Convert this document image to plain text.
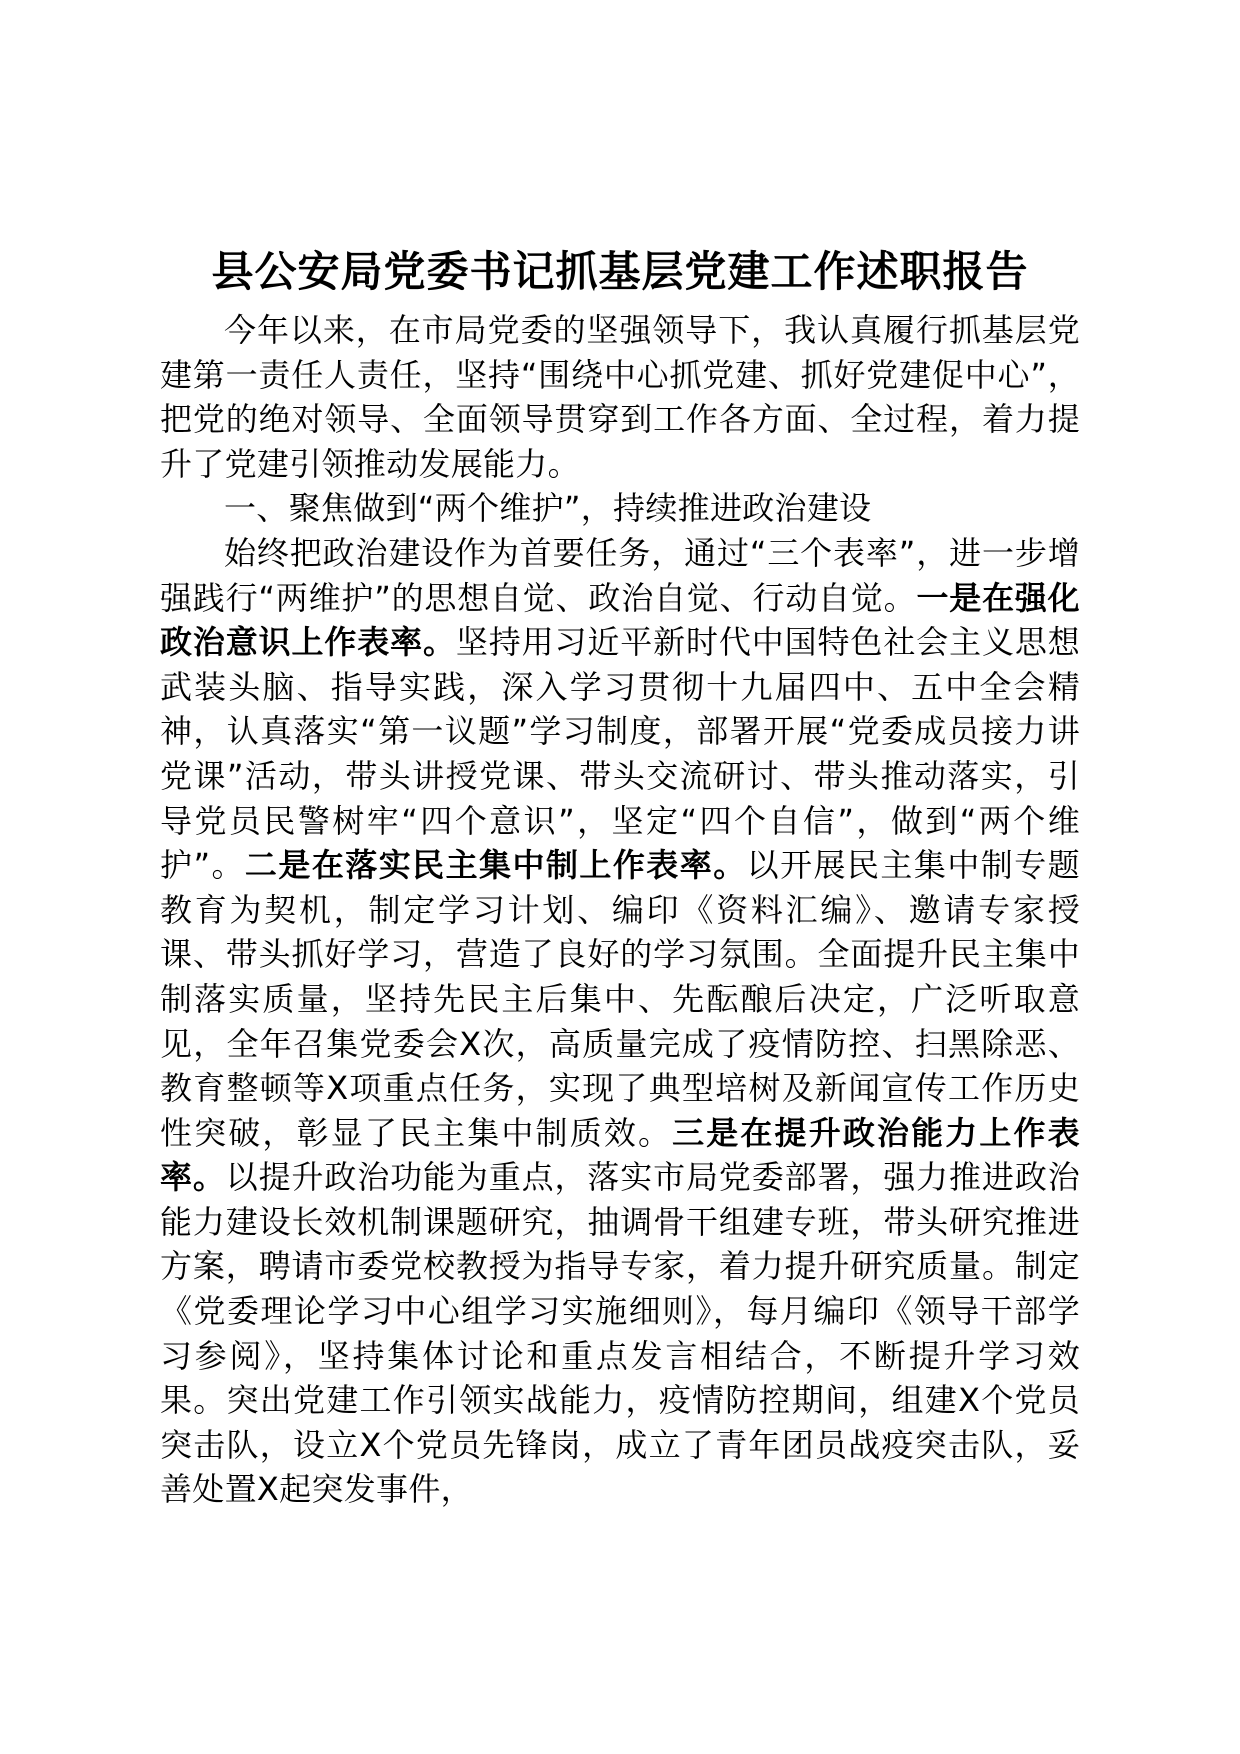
县公安局党委书记抓基层党建工作述职报告

今年以来，在市局党委的坚强领导下，我认真履行抓基层党建第一责任人责任，坚持“围绕中心抓党建、抓好党建促中心”，把党的绝对领导、全面领导贯穿到工作各方面、全过程，着力提升了党建引领推动发展能力。

一、聚焦做到“两个维护”，持续推进政治建设

始终把政治建设作为首要任务，通过“三个表率”，进一步增强践行“两维护”的思想自觉、政治自觉、行动自觉。一是在强化政治意识上作表率。坚持用习近平新时代中国特色社会主义思想武装头脑、指导实践，深入学习贯彻十九届四中、五中全会精神，认真落实“第一议题”学习制度，部署开展“党委成员接力讲党课”活动，带头讲授党课、带头交流研讨、带头推动落实，引导党员民警树牢“四个意识”，坚定“四个自信”，做到“两个维护”。二是在落实民主集中制上作表率。以开展民主集中制专题教育为契机，制定学习计划、编印《资料汇编》、邀请专家授课、带头抓好学习，营造了良好的学习氛围。全面提升民主集中制落实质量，坚持先民主后集中、先酝酿后决定，广泛听取意见，全年召集党委会X次，高质量完成了疫情防控、扫黑除恶、教育整顿等X项重点任务，实现了典型培树及新闻宣传工作历史性突破，彰显了民主集中制质效。三是在提升政治能力上作表率。以提升政治功能为重点，落实市局党委部署，强力推进政治能力建设长效机制课题研究，抽调骨干组建专班，带头研究推进方案，聘请市委党校教授为指导专家，着力提升研究质量。制定《党委理论学习中心组学习实施细则》，每月编印《领导干部学习参阅》，坚持集体讨论和重点发言相结合，不断提升学习效果。突出党建工作引领实战能力，疫情防控期间，组建X个党员突击队，设立X个党员先锋岗，成立了青年团员战疫突击队，妥善处置X起突发事件，
